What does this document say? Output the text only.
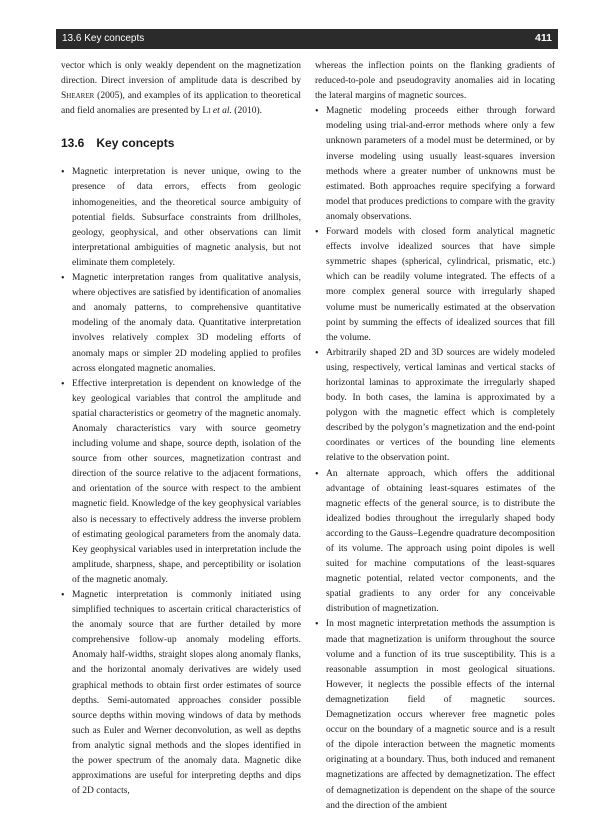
13.6 Key concepts	411

vector which is only weakly dependent on the magnetization direction. Direct inversion of amplitude data is described by Shearer (2005), and examples of its application to theoretical and field anomalies are presented by Li et al. (2010).

13.6 Key concepts
• Magnetic interpretation is never unique, owing to the presence of data errors, effects from geologic inhomogeneities, and the theoretical source ambiguity of potential fields. Subsurface constraints from drillholes, geology, geophysical, and other observations can limit interpretational ambiguities of magnetic analysis, but not eliminate them completely.
• Magnetic interpretation ranges from qualitative analysis, where objectives are satisfied by identification of anomalies and anomaly patterns, to comprehensive quantitative modeling of the anomaly data. Quantitative interpretation involves relatively complex 3D modeling efforts of anomaly maps or simpler 2D modeling applied to profiles across elongated magnetic anomalies.
• Effective interpretation is dependent on knowledge of the key geological variables that control the amplitude and spatial characteristics or geometry of the magnetic anomaly. Anomaly characteristics vary with source geometry including volume and shape, source depth, isolation of the source from other sources, magnetization contrast and direction of the source relative to the adjacent formations, and orientation of the source with respect to the ambient magnetic field. Knowledge of the key geophysical variables also is necessary to effectively address the inverse problem of estimating geological parameters from the anomaly data. Key geophysical variables used in interpretation include the amplitude, sharpness, shape, and perceptibility or isolation of the magnetic anomaly.
• Magnetic interpretation is commonly initiated using simplified techniques to ascertain critical characteristics of the anomaly source that are further detailed by more comprehensive follow-up anomaly modeling efforts. Anomaly half-widths, straight slopes along anomaly flanks, and the horizontal anomaly derivatives are widely used graphical methods to obtain first order estimates of source depths. Semi-automated approaches consider possible source depths within moving windows of data by methods such as Euler and Werner deconvolution, as well as depths from analytic signal methods and the slopes identified in the power spectrum of the anomaly data. Magnetic dike approximations are useful for interpreting depths and dips of 2D contacts,

whereas the inflection points on the flanking gradients of reduced-to-pole and pseudogravity anomalies aid in locating the lateral margins of magnetic sources.

• Magnetic modeling proceeds either through forward modeling using trial-and-error methods where only a few unknown parameters of a model must be determined, or by inverse modeling using usually least-squares inversion methods where a greater number of unknowns must be estimated. Both approaches require specifying a forward model that produces predictions to compare with the gravity anomaly observations.
• Forward models with closed form analytical magnetic effects involve idealized sources that have simple symmetric shapes (spherical, cylindrical, prismatic, etc.) which can be readily volume integrated. The effects of a more complex general source with irregularly shaped volume must be numerically estimated at the observation point by summing the effects of idealized sources that fill the volume.
• Arbitrarily shaped 2D and 3D sources are widely modeled using, respectively, vertical laminas and vertical stacks of horizontal laminas to approximate the irregularly shaped body. In both cases, the lamina is approximated by a polygon with the magnetic effect which is completely described by the polygon’s magnetization and the end-point coordinates or vertices of the bounding line elements relative to the observation point.
• An alternate approach, which offers the additional advantage of obtaining least-squares estimates of the magnetic effects of the general source, is to distribute the idealized bodies throughout the irregularly shaped body according to the Gauss–Legendre quadrature decomposition of its volume. The approach using point dipoles is well suited for machine computations of the least-squares magnetic potential, related vector components, and the spatial gradients to any order for any conceivable distribution of magnetization.
• In most magnetic interpretation methods the assumption is made that magnetization is uniform throughout the source volume and a function of its true susceptibility. This is a reasonable assumption in most geological situations. However, it neglects the possible effects of the internal demagnetization field of magnetic sources. Demagnetization occurs wherever free magnetic poles occur on the boundary of a magnetic source and is a result of the dipole interaction between the magnetic moments originating at a boundary. Thus, both induced and remanent magnetizations are affected by demagnetization. The effect of demagnetization is dependent on the shape of the source and the direction of the ambient
